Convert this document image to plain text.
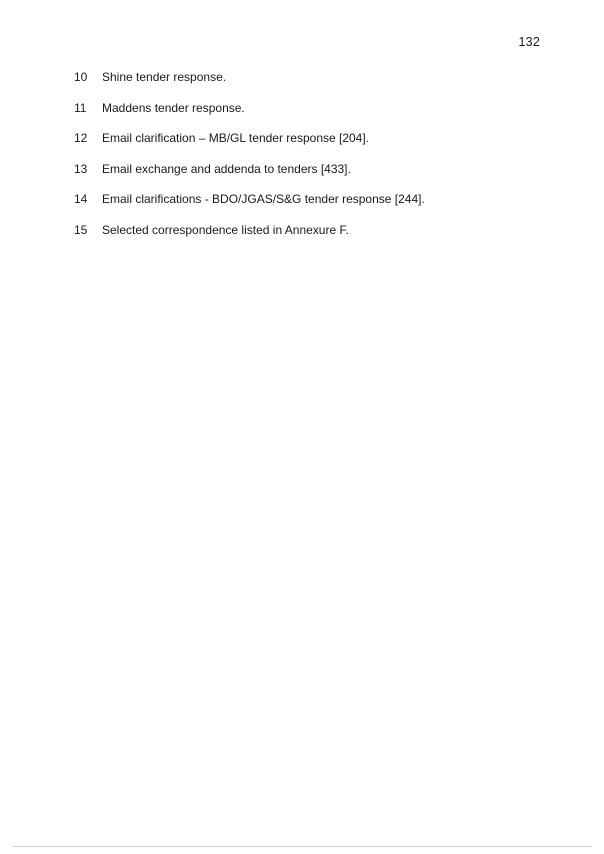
132
10	Shine tender response.
11	Maddens tender response.
12	Email clarification – MB/GL tender response [204].
13	Email exchange and addenda to tenders [433].
14	Email clarifications - BDO/JGAS/S&G tender response [244].
15	Selected correspondence listed in Annexure F.
